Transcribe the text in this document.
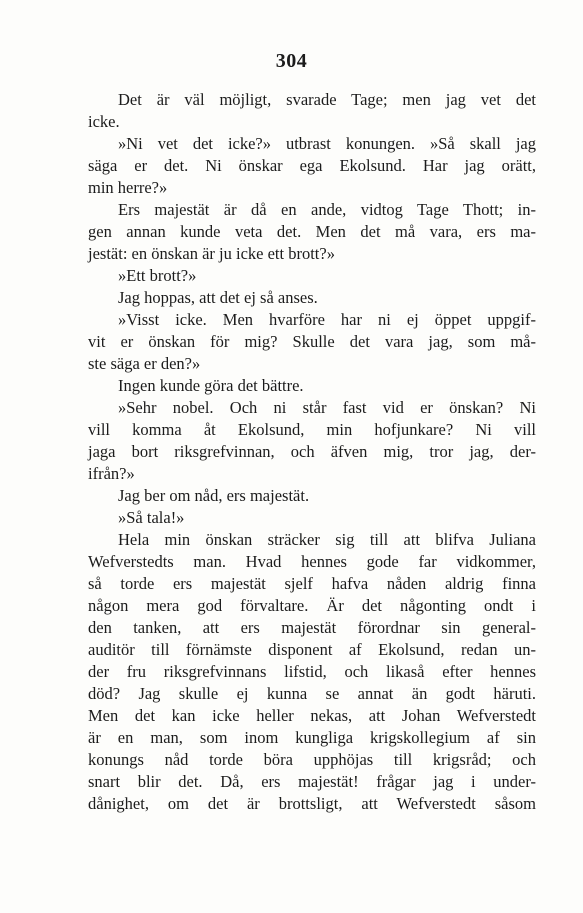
304
Det är väl möjligt, svarade Tage; men jag vet det
icke.
»Ni vet det icke?» utbrast konungen. »Så skall jag
säga er det. Ni önskar ega Ekolsund. Har jag orätt,
min herre?»
Ers majestät är då en ande, vidtog Tage Thott; in-
gen annan kunde veta det. Men det må vara, ers ma-
jestät: en önskan är ju icke ett brott?»
»Ett brott?»
Jag hoppas, att det ej så anses.
»Visst icke. Men hvarföre har ni ej öppet uppgif-
vit er önskan för mig? Skulle det vara jag, som må-
ste säga er den?»
Ingen kunde göra det bättre.
»Sehr nobel. Och ni står fast vid er önskan? Ni
vill komma åt Ekolsund, min hofjunkare? Ni vill
jaga bort riksgrefvinnan, och äfven mig, tror jag, der-
ifrån?»
Jag ber om nåd, ers majestät.
»Så tala!»
Hela min önskan sträcker sig till att blifva Juliana
Wefverstedts man. Hvad hennes gode far vidkommer,
så torde ers majestät sjelf hafva nåden aldrig finna
någon mera god förvaltare. Är det någonting ondt i
den tanken, att ers majestät förordnar sin general-
auditör till förnämste disponent af Ekolsund, redan un-
der fru riksgrefvinnans lifstid, och likaså efter hennes
död? Jag skulle ej kunna se annat än godt häruti.
Men det kan icke heller nekas, att Johan Wefverstedt
är en man, som inom kungliga krigskollegium af sin
konungs nåd torde böra upphöjas till krigsråd; och
snart blir det. Då, ers majestät! frågar jag i under-
dånighet, om det är brottsligt, att Wefverstedt såsom
